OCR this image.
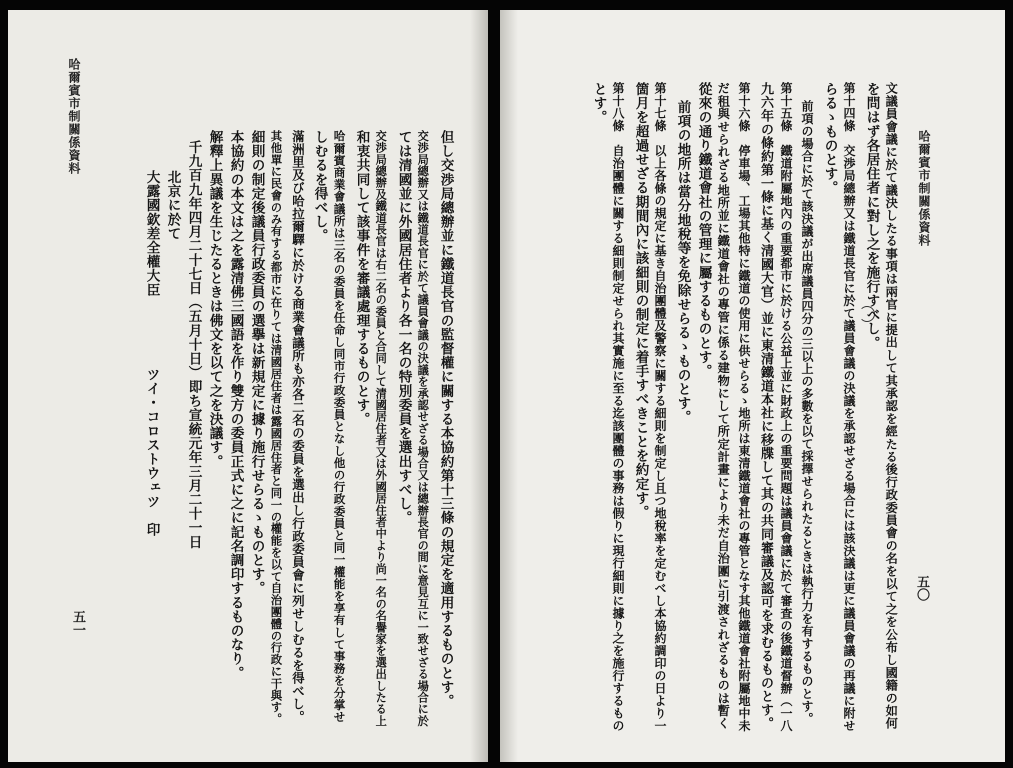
哈爾賓市制關係資料
五一	但し交渉局總辦並に鐵道長官の監督權に關する本協約第十三條の規定を適用するものとす。
交渉局總辦又は鐵道長官に於て議員會議の決議を承認せざる場合又は總辦長官の間に意見互に一致せざる場合に於
ては清國並に外國居住者より各一名の特別委員を選出すべし。
交渉局總辦及鐵道長官は右二名の委員と合同して清國居住者又は外國居住者中より尚一名の名譽家を選出したる上
和衷共同して該事件を審議處理するものとす。
哈爾賓商業會議所は三名の委員を任命し同市行政委員となし他の行政委員と同一權能を享有して事務を分掌せ
しむるを得べし。
滿洲里及び哈拉爾驛に於ける商業會議所も亦各二名の委員を選出し行政委員會に列せしむるを得べし。
其他單に民會のみ有する都市に在りては清國居住者は露國居住者と同一の權能を以て自治團體の行政に干與す。
細則の制定後議員行政委員の選擧は新規定に據り施行せらるゝものとす。
本協約の本文は之を露清佛三國語を作り雙方の委員正式に之に記名調印するものなり。
解釋上異議を生じたるときは佛文を以て之を決議す。
千九百九年四月二十七日（五月十日）即ち宣統元年三月二十一日
北京に於て
大露國欽差全權大臣　　　　　ツイ・コロストウェツ　印	哈爾賓市制關係資料
五〇
文議員會議に於て議決したる事項は兩官に提出して其承認を經たる後行政委員會の名を以て之を公布し國籍の如何
を問はず各居住者に對し之を施行すべし。
第十四條　交渉局總辦又は鐵道長官に於て議員會議の決議を承認せざる場合には該決議は更に議員會議の再議に附せ
らるゝものとす。
前項の場合に於て該決議が出席議員四分の三以上の多數を以て採擇せられたるときは執行力を有するものとす。
第十五條　鐵道附屬地內の重要都市に於ける公益上並に財政上の重要問題は議員會議に於て審査の後鐵道督辦（一八
九六年の條約第一條に基く清國大官）並に東清鐵道本社に移牒して其の共同審議及認可を求むるものとす。
第十六條　停車場、工場其他特に鐵道の使用に供せらるゝ地所は東清鐵道會社の專管となす其他鐵道會社附屬地中未
だ租與せられざる地所並に鐵道會社の專管に係る建物にして所定計畫により未だ自治團に引渡されざるものは暫く
從來の通り鐵道會社の管理に屬するものとす。
前項の地所は當分地稅等を免除せらるゝものとす。
第十七條　以上各條の規定に基き自治團體及警察に關する細則を制定し且つ地稅率を定むべし本協約調印の日より一
箇月を超過せざる期間內に該細則の制定に着手すべきことを約定す。
第十八條　自治團體に關する細則制定せられ其實施に至る迄該團體の事務は假りに現行細則に據り之を施行するもの
とす。
